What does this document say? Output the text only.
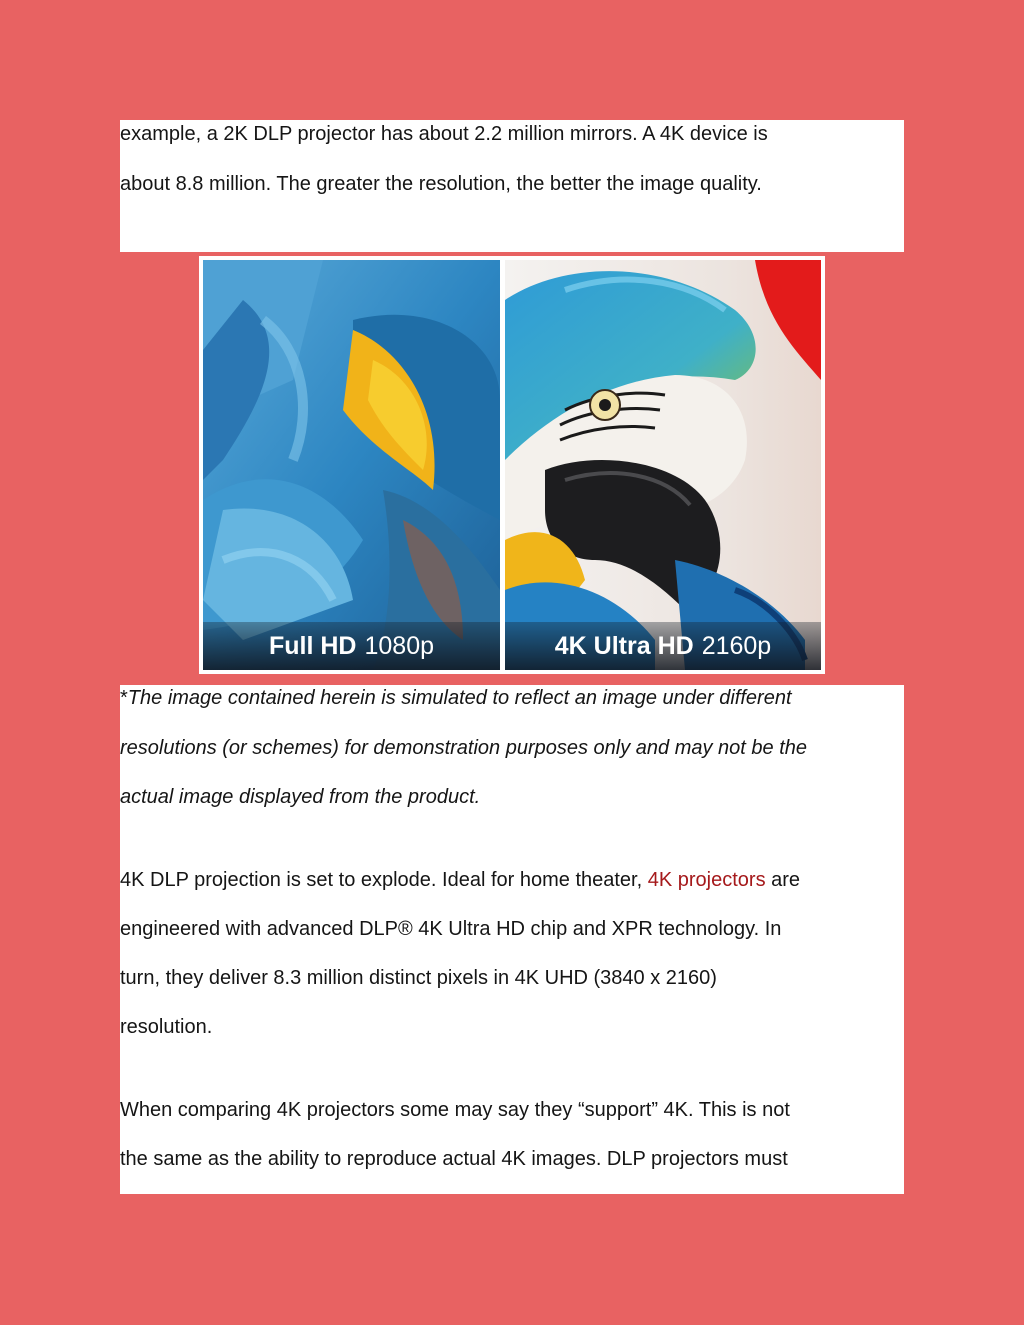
example, a 2K DLP projector has about 2.2 million mirrors. A 4K device is
about 8.8 million. The greater the resolution, the better the image quality.
Full HD 1080p	4K Ultra HD 2160p
*The image contained herein is simulated to reflect an image under different
resolutions (or schemes) for demonstration purposes only and may not be the
actual image displayed from the product.
4K DLP projection is set to explode. Ideal for home theater, 4K projectors are
engineered with advanced DLP® 4K Ultra HD chip and XPR technology. In
turn, they deliver 8.3 million distinct pixels in 4K UHD (3840 x 2160)
resolution.
When comparing 4K projectors some may say they “support” 4K. This is not
the same as the ability to reproduce actual 4K images. DLP projectors must
